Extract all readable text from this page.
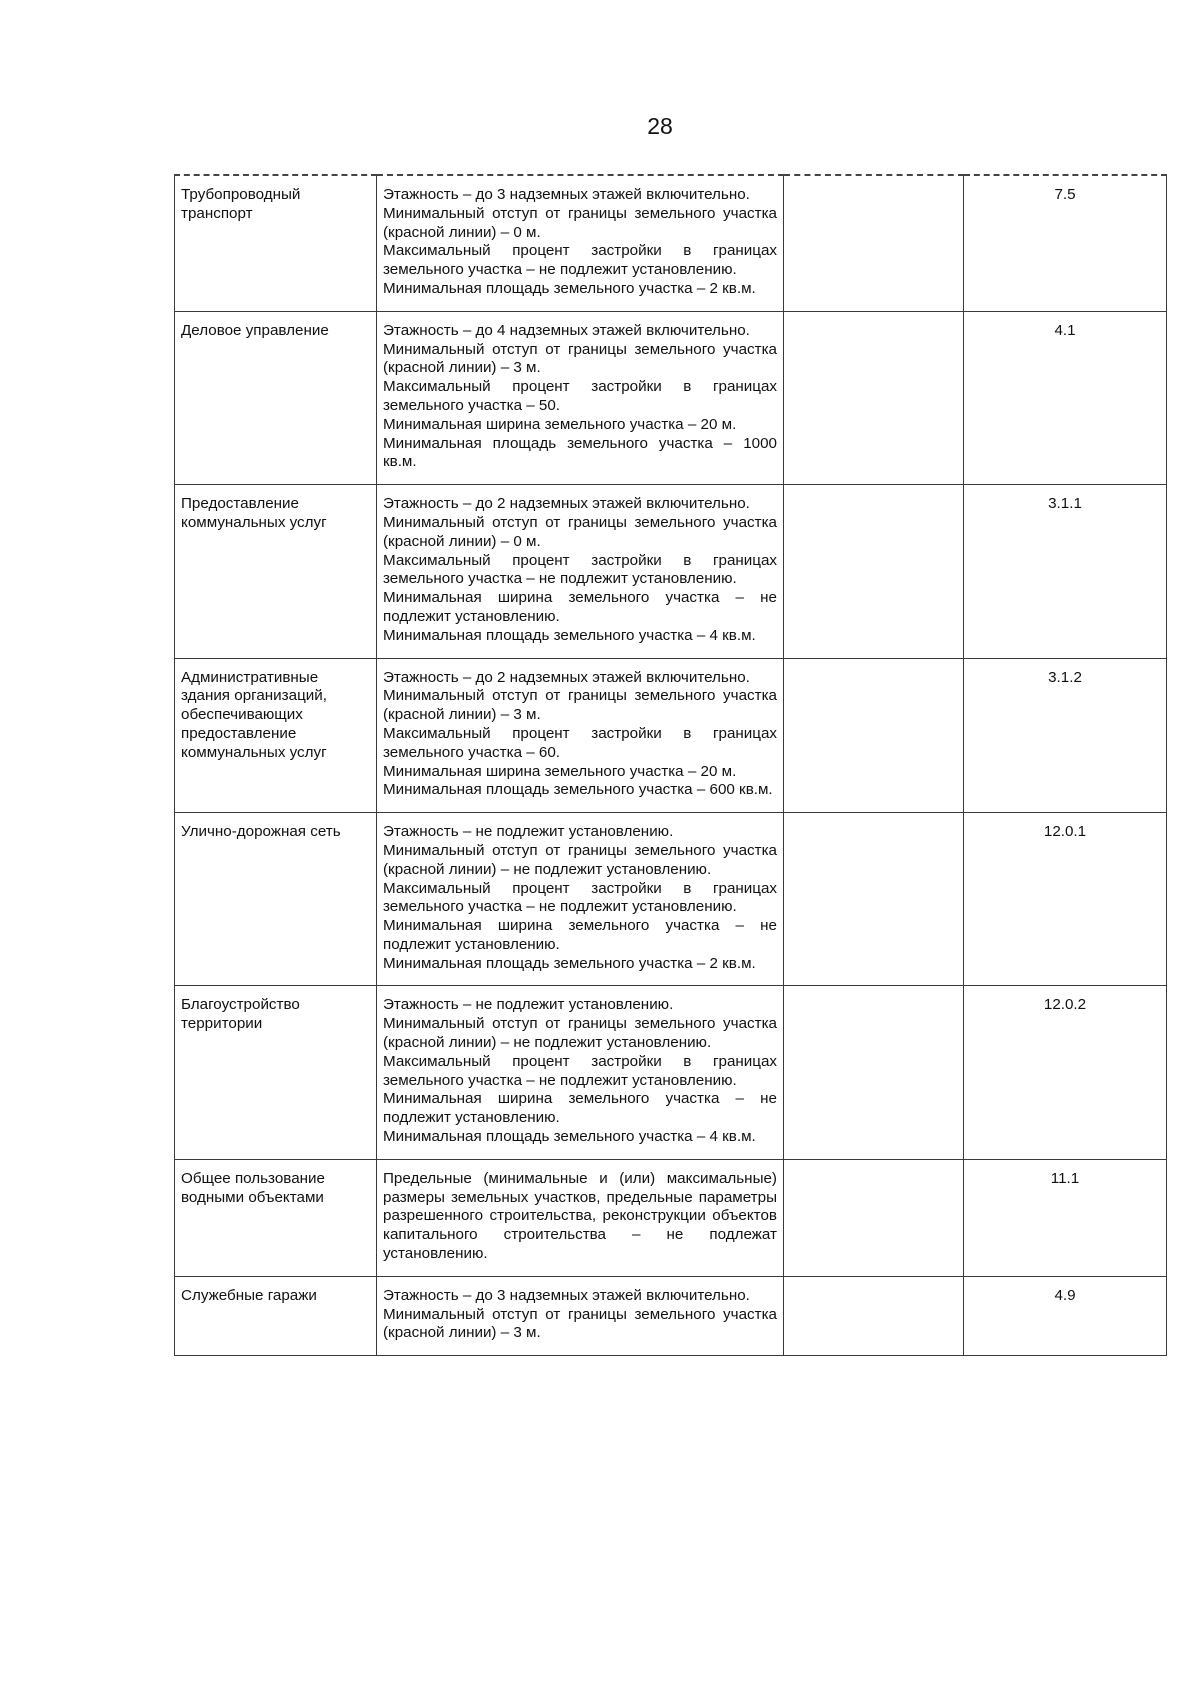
28
Трубопроводный транспорт	Этажность – до 3 надземных этажей включительно.

Минимальный отступ от границы земельного участка (красной линии) – 0 м.

Максимальный процент застройки в границах земельного участка – не подлежит установлению.

Минимальная площадь земельного участка – 2 кв.м.		7.5
Деловое управление	Этажность – до 4 надземных этажей включительно.

Минимальный отступ от границы земельного участка (красной линии) – 3 м.

Максимальный процент застройки в границах земельного участка – 50.

Минимальная ширина земельного участка – 20 м.

Минимальная площадь земельного участка – 1000 кв.м.		4.1
Предоставление коммунальных услуг	Этажность – до 2 надземных этажей включительно.

Минимальный отступ от границы земельного участка (красной линии) – 0 м.

Максимальный процент застройки в границах земельного участка – не подлежит установлению.

Минимальная ширина земельного участка – не подлежит установлению.

Минимальная площадь земельного участка – 4 кв.м.		3.1.1
Административные здания организаций, обеспечивающих предоставление коммунальных услуг	Этажность – до 2 надземных этажей включительно.

Минимальный отступ от границы земельного участка (красной линии) – 3 м.

Максимальный процент застройки в границах земельного участка – 60.

Минимальная ширина земельного участка – 20 м.

Минимальная площадь земельного участка – 600 кв.м.		3.1.2
Улично-дорожная сеть	Этажность – не подлежит установлению.

Минимальный отступ от границы земельного участка (красной линии) – не подлежит установлению.

Максимальный процент застройки в границах земельного участка – не подлежит установлению.

Минимальная ширина земельного участка – не подлежит установлению.

Минимальная площадь земельного участка – 2 кв.м.		12.0.1
Благоустройство территории	Этажность – не подлежит установлению.

Минимальный отступ от границы земельного участка (красной линии) – не подлежит установлению.

Максимальный процент застройки в границах земельного участка – не подлежит установлению.

Минимальная ширина земельного участка – не подлежит установлению.

Минимальная площадь земельного участка – 4 кв.м.		12.0.2
Общее пользование водными объектами	Предельные (минимальные и (или) максимальные) размеры земельных участков, предельные параметры разрешенного строительства, реконструкции объектов капитального строительства – не подлежат установлению.		11.1
Служебные гаражи	Этажность – до 3 надземных этажей включительно.

Минимальный отступ от границы земельного участка (красной линии) – 3 м.		4.9
